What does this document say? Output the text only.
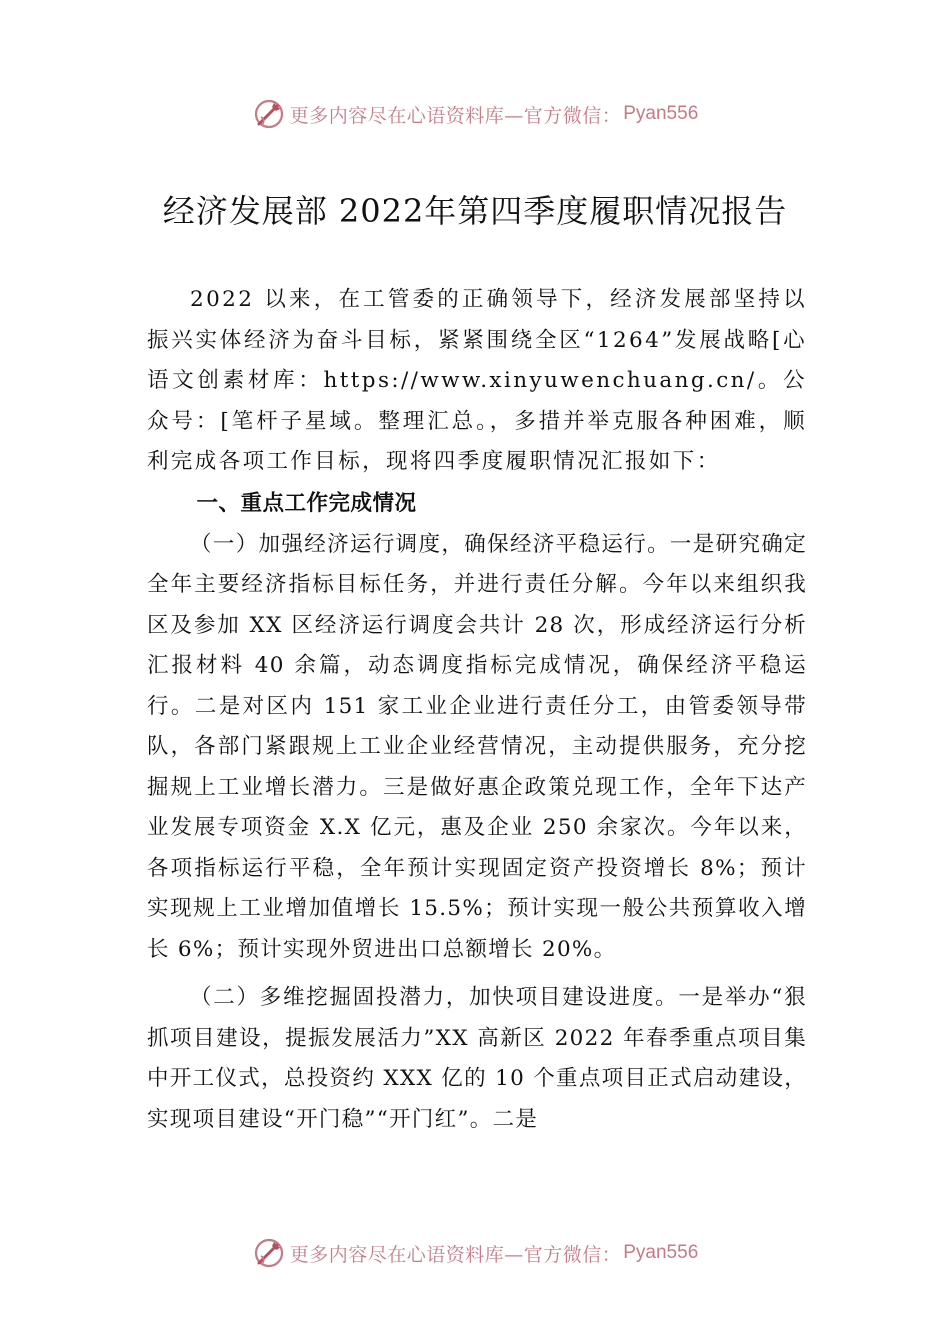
更多内容尽在心语资料库—官方微信： Pyan556
经济发展部 2022年第四季度履职情况报告

2022 以来，在工管委的正确领导下，经济发展部坚持以振兴实体经济为奋斗目标，紧紧围绕全区“1264”发展战略[心语文创素材库：https://www.xinyuwenchuang.cn/。公众号：[笔杆子星域。整理汇总。，多措并举克服各种困难，顺利完成各项工作目标，现将四季度履职情况汇报如下：

一、重点工作完成情况

（一）加强经济运行调度，确保经济平稳运行。一是研究确定全年主要经济指标目标任务，并进行责任分解。今年以来组织我区及参加 XX 区经济运行调度会共计 28 次，形成经济运行分析汇报材料 40 余篇，动态调度指标完成情况，确保经济平稳运行。二是对区内 151 家工业企业进行责任分工，由管委领导带队，各部门紧跟规上工业企业经营情况，主动提供服务，充分挖掘规上工业增长潜力。三是做好惠企政策兑现工作，全年下达产业发展专项资金 X.X 亿元，惠及企业 250 余家次。今年以来，各项指标运行平稳，全年预计实现固定资产投资增长 8%；预计实现规上工业增加值增长 15.5%；预计实现一般公共预算收入增长 6%；预计实现外贸进出口总额增长 20%。

（二）多维挖掘固投潜力，加快项目建设进度。一是举办“狠抓项目建设，提振发展活力”XX 高新区 2022 年春季重点项目集中开工仪式，总投资约 XXX 亿的 10 个重点项目正式启动建设，实现项目建设“开门稳”“开门红”。二是

更多内容尽在心语资料库—官方微信： Pyan556
